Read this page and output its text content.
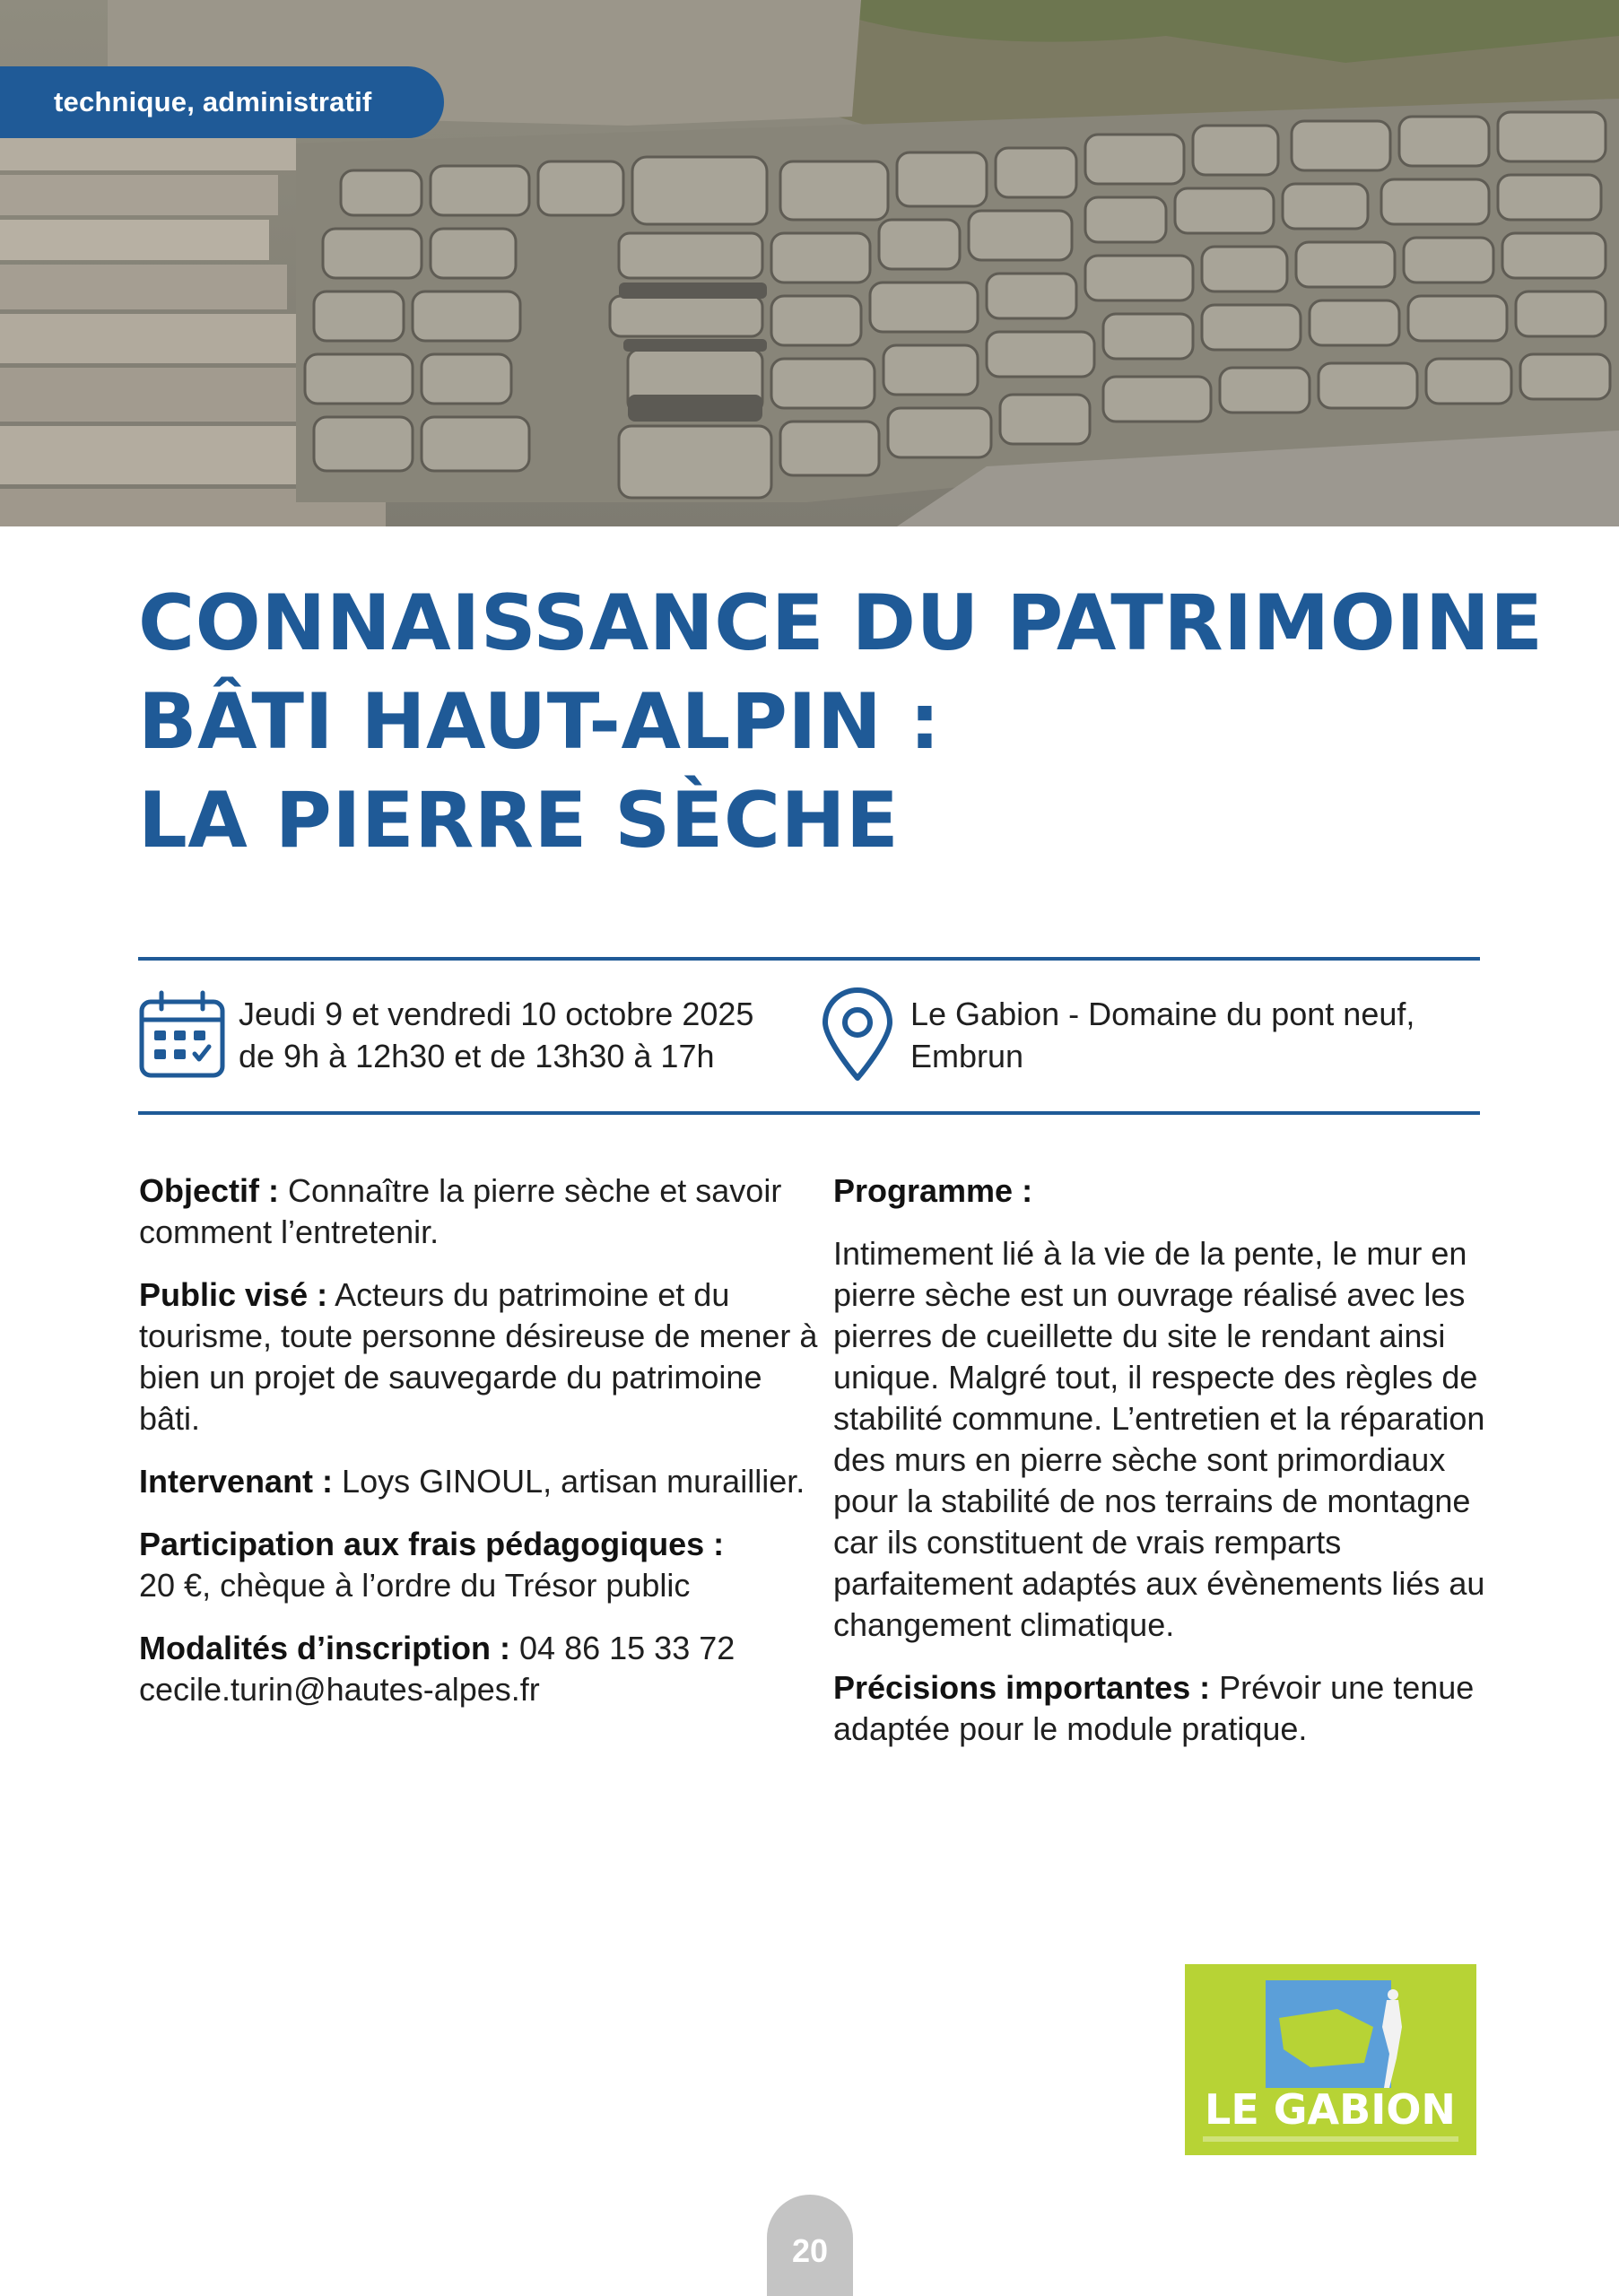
technique, administratif
CONNAISSANCE DU PATRIMOINE
BÂTI HAUT-ALPIN :
LA PIERRE SÈCHE
Jeudi 9 et vendredi 10 octobre 2025
de 9h à 12h30 et de 13h30 à 17h
Le Gabion - Domaine du pont neuf,
Embrun

Objectif : Connaître la pierre sèche et savoir comment l’entretenir.

Public visé : Acteurs du patrimoine et du tourisme, toute personne désireuse de mener à bien un projet de sauvegarde du patrimoine bâti.

Intervenant : Loys GINOUL, artisan muraillier.

Participation aux frais pédagogiques :
20 €, chèque à l’ordre du Trésor public

Modalités d’inscription : 04 86 15 33 72
cecile.turin@hautes-alpes.fr

Programme :

Intimement lié à la vie de la pente, le mur en pierre sèche est un ouvrage réalisé avec les pierres de cueillette du site le rendant ainsi unique. Malgré tout, il respecte des règles de stabilité commune. L’entretien et la réparation des murs en pierre sèche sont primordiaux pour la stabilité de nos terrains de montagne car ils constituent de vrais remparts parfaitement adaptés aux évènements liés au changement climatique.

Précisions importantes : Prévoir une tenue adaptée pour le module pratique.

LE GABION
20
